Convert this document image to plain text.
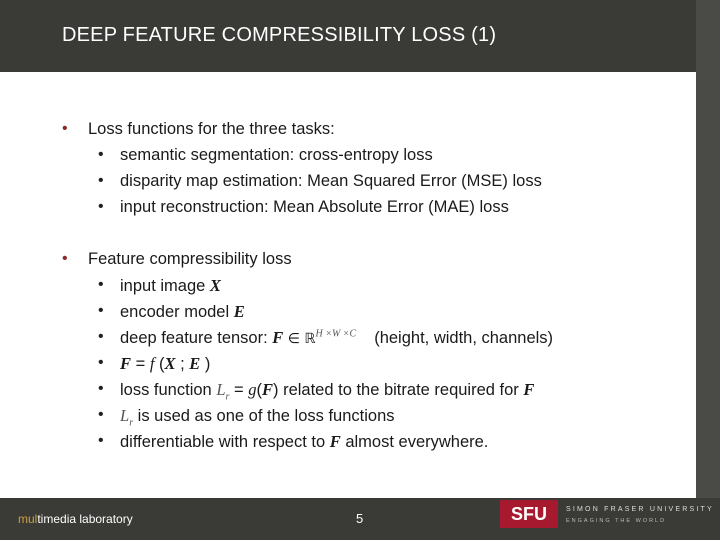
DEEP FEATURE COMPRESSIBILITY LOSS (1)
• Loss functions for the three tasks:
• semantic segmentation: cross-entropy loss
• disparity map estimation: Mean Squared Error (MSE) loss
• input reconstruction: Mean Absolute Error (MAE) loss
• Feature compressibility loss
• input image X
• encoder model E
• deep feature tensor: F ∈ ℝ$^{H \times W \times C}$ (height, width, channels)
• F = f (X ; E )
• loss function $L_r = g(F)$ related to the bitrate required for F
• $L_r$ is used as one of the loss functions
• differentiable with respect to F almost everywhere.
multimedia laboratory	5	SFU	SIMON FRASER UNIVERSITY
ENGAGING THE WORLD
